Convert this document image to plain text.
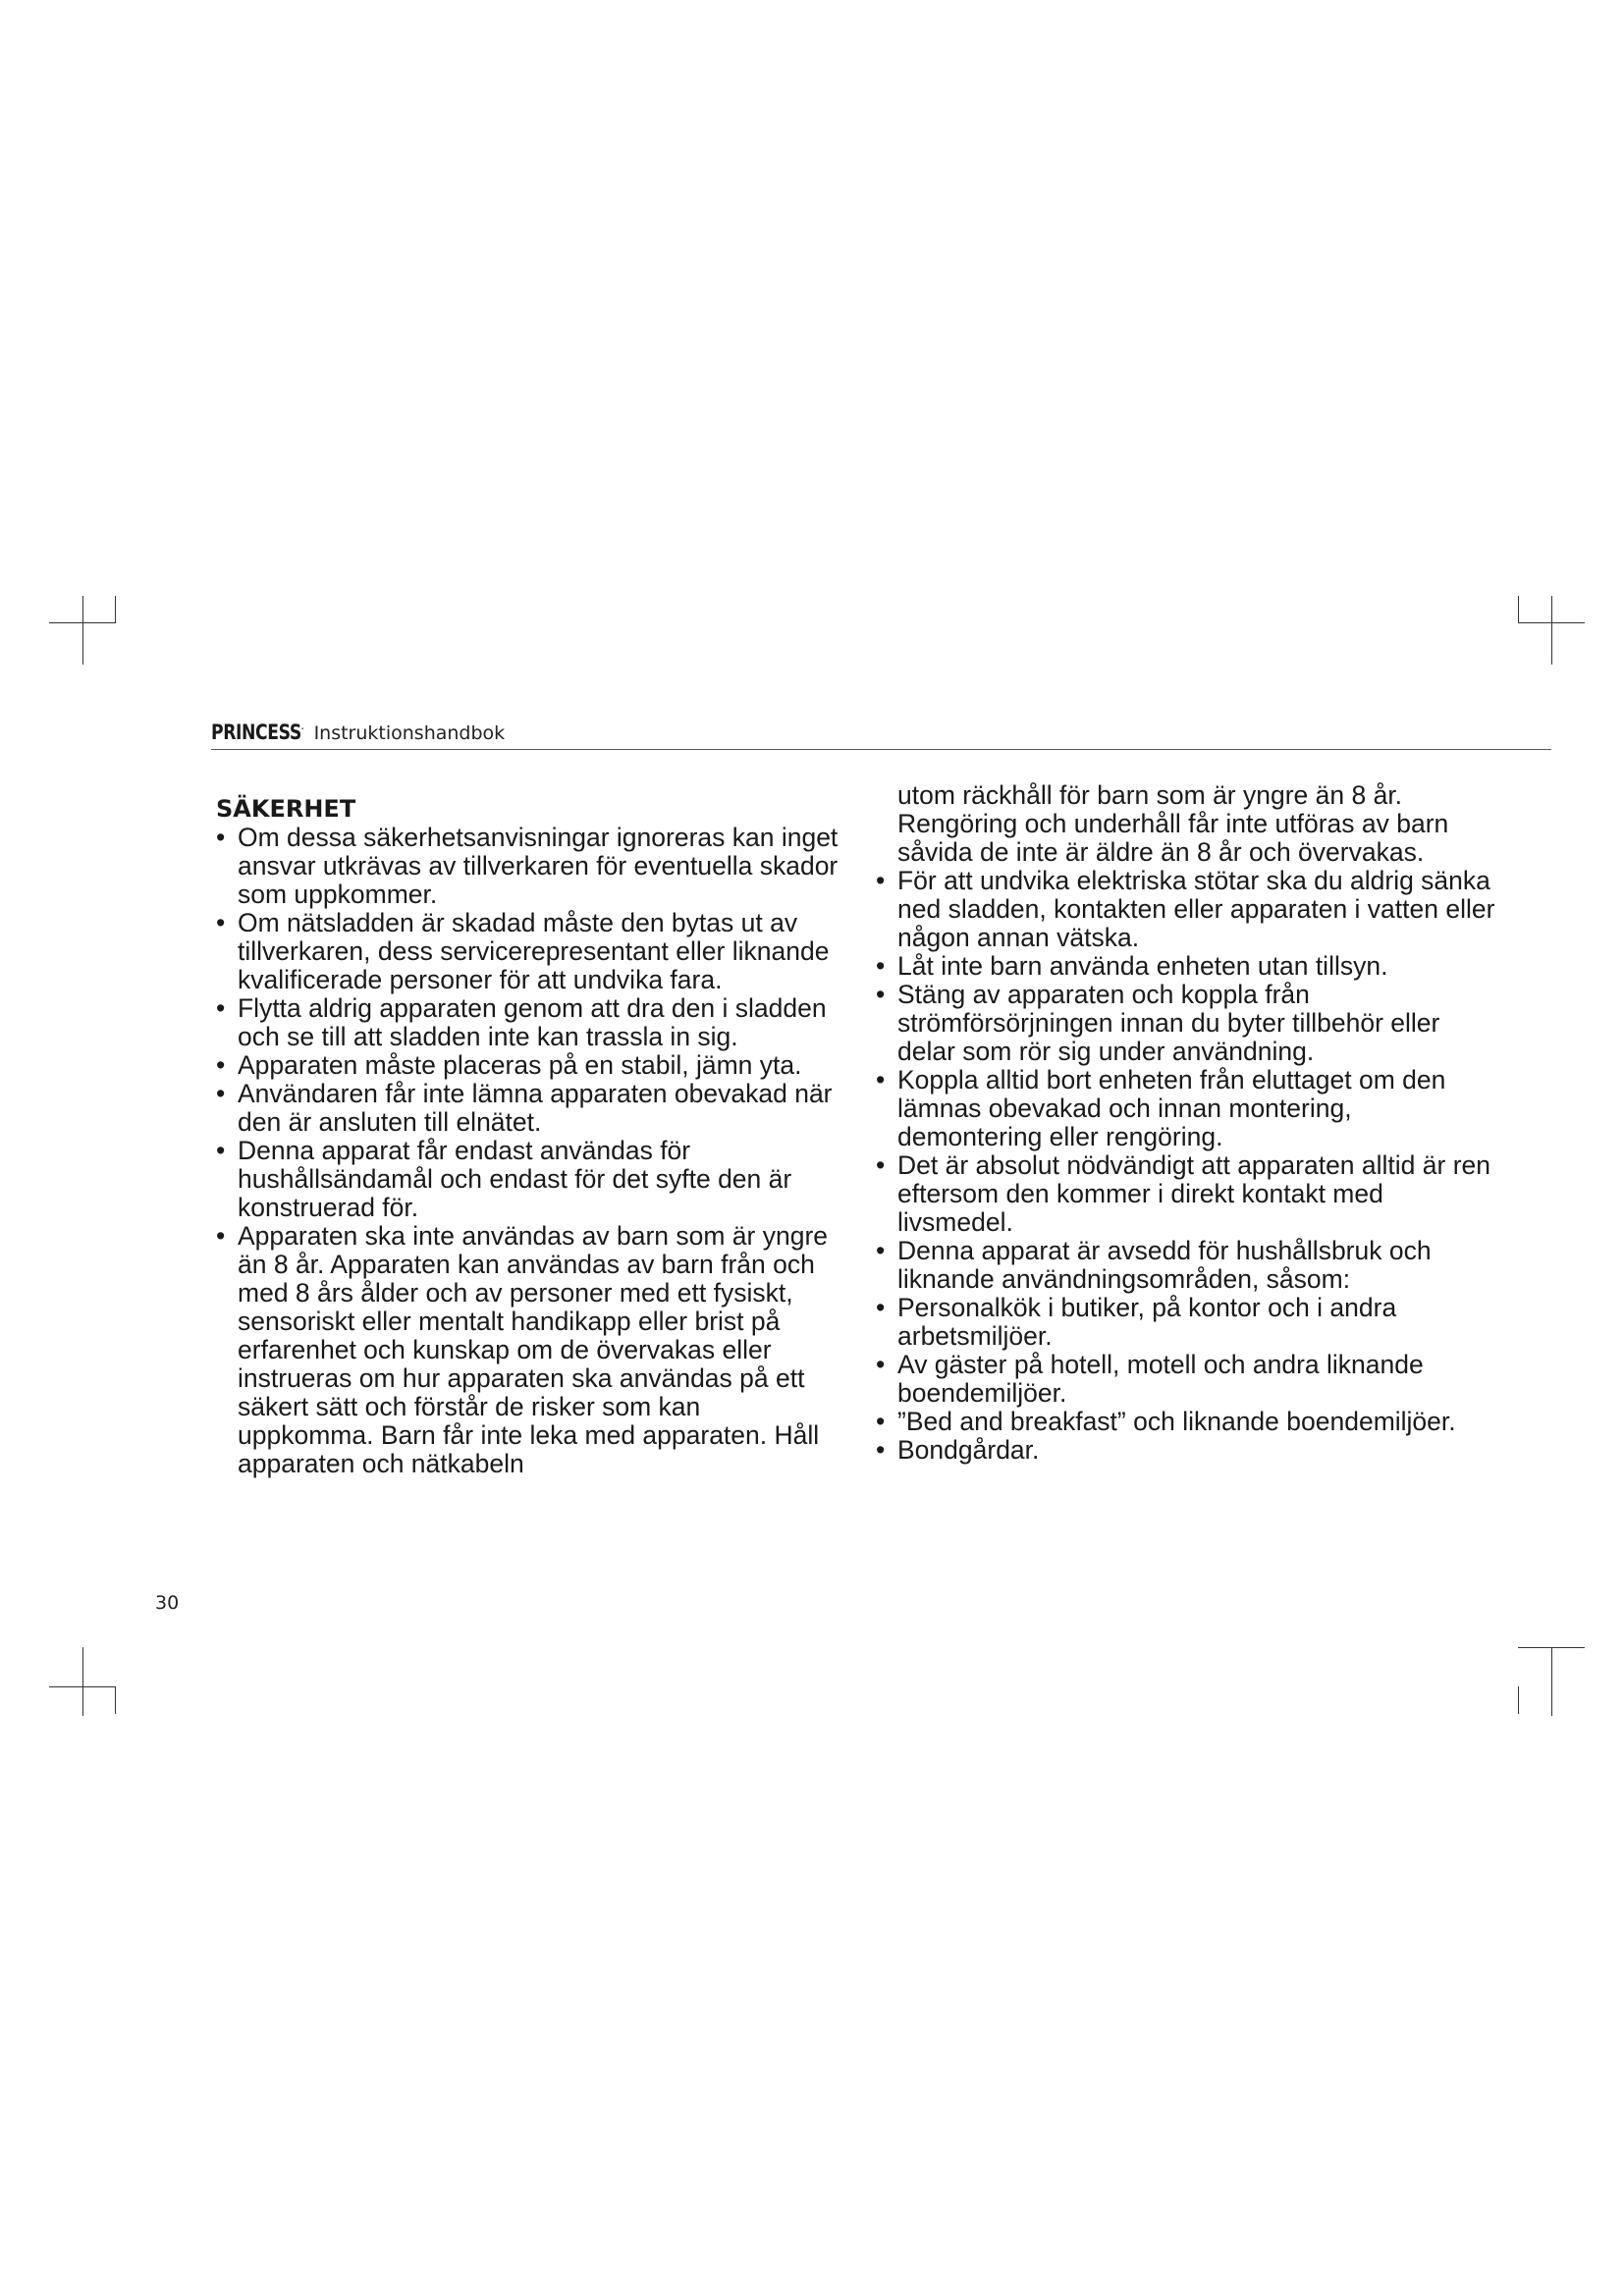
PRINCESS· Instruktionshandbok
SÄKERHET
• Om dessa säkerhetsanvisningar ignoreras kan inget ansvar utkrävas av tillverkaren för eventuella skador som uppkommer.
• Om nätsladden är skadad måste den bytas ut av tillverkaren, dess servicerepresentant eller liknande kvalificerade personer för att undvika fara.
• Flytta aldrig apparaten genom att dra den i sladden och se till att sladden inte kan trassla in sig.
• Apparaten måste placeras på en stabil, jämn yta.
• Användaren får inte lämna apparaten obevakad när den är ansluten till elnätet.
• Denna apparat får endast användas för hushållsändamål och endast för det syfte den är konstruerad för.
• Apparaten ska inte användas av barn som är yngre än 8 år. Apparaten kan användas av barn från och med 8 års ålder och av personer med ett fysiskt, sensoriskt eller mentalt handikapp eller brist på erfarenhet och kunskap om de övervakas eller instrueras om hur apparaten ska användas på ett säkert sätt och förstår de risker som kan uppkomma. Barn får inte leka med apparaten. Håll apparaten och nätkabeln
utom räckhåll för barn som är yngre än 8 år. Rengöring och underhåll får inte utföras av barn såvida de inte är äldre än 8 år och övervakas.
• För att undvika elektriska stötar ska du aldrig sänka ned sladden, kontakten eller apparaten i vatten eller någon annan vätska.
• Låt inte barn använda enheten utan tillsyn.
• Stäng av apparaten och koppla från strömförsörjningen innan du byter tillbehör eller delar som rör sig under användning.
• Koppla alltid bort enheten från eluttaget om den lämnas obevakad och innan montering, demontering eller rengöring.
• Det är absolut nödvändigt att apparaten alltid är ren eftersom den kommer i direkt kontakt med livsmedel.
• Denna apparat är avsedd för hushållsbruk och liknande användningsområden, såsom:
• Personalkök i butiker, på kontor och i andra arbetsmiljöer.
• Av gäster på hotell, motell och andra liknande boendemiljöer.
• ”Bed and breakfast” och liknande boendemiljöer.
• Bondgårdar.
30
